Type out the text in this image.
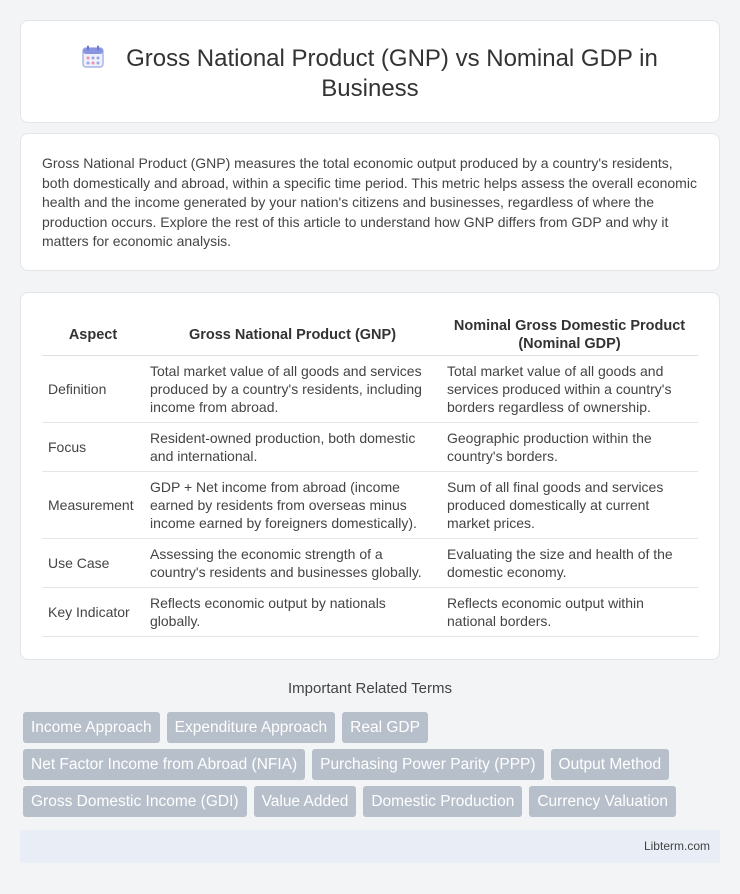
Gross National Product (GNP) vs Nominal GDP in
Business

Gross National Product (GNP) measures the total economic output produced by a country's residents, both domestically and abroad, within a specific time period. This metric helps assess the overall economic health and the income generated by your nation's citizens and businesses, regardless of where the production occurs. Explore the rest of this article to understand how GNP differs from GDP and why it matters for economic analysis.

Aspect	Gross National Product (GNP)	Nominal Gross Domestic Product (Nominal GDP)
Definition	Total market value of all goods and services produced by a country's residents, including income from abroad.	Total market value of all goods and services produced within a country's borders regardless of ownership.
Focus	Resident-owned production, both domestic and international.	Geographic production within the country's borders.
Measurement	GDP + Net income from abroad (income earned by residents from overseas minus income earned by foreigners domestically).	Sum of all final goods and services produced domestically at current market prices.
Use Case	Assessing the economic strength of a country's residents and businesses globally.	Evaluating the size and health of the domestic economy.
Key Indicator	Reflects economic output by nationals globally.	Reflects economic output within national borders.
Important Related Terms
Income Approach	Expenditure Approach	Real GDP
Net Factor Income from Abroad (NFIA)	Purchasing Power Parity (PPP)	Output Method
Gross Domestic Income (GDI)	Value Added	Domestic Production	Currency Valuation
Libterm.com
